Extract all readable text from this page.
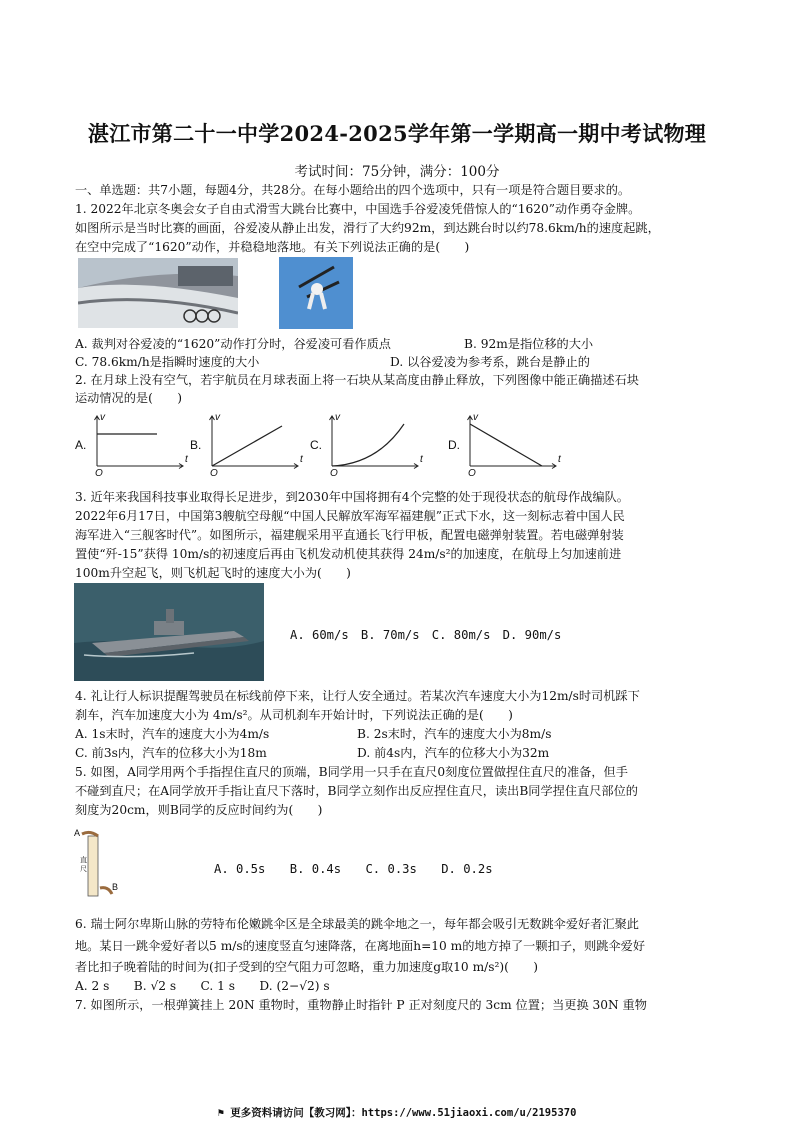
湛江市第二十一中学2024-2025学年第一学期高一期中考试物理
考试时间：75分钟，满分：100分
一、单选题：共7小题，每题4分，共28分。在每小题给出的四个选项中，只有一项是符合题目要求的。
1. 2022年北京冬奥会女子自由式滑雪大跳台比赛中，中国选手谷爱凌凭借惊人的“1620”动作勇夺金牌。
如图所示是当时比赛的画面，谷爱凌从静止出发，滑行了大约92m，到达跳台时以约78.6km/h的速度起跳，
在空中完成了“1620”动作，并稳稳地落地。有关下列说法正确的是(　　)
A. 裁判对谷爱凌的“1620”动作打分时，谷爱凌可看作质点	B. 92m是指位移的大小
C. 78.6km/h是指瞬时速度的大小	D. 以谷爱凌为参考系，跳台是静止的
2. 在月球上没有空气，若宇航员在月球表面上将一石块从某高度由静止释放，下列图像中能正确描述石块
运动情况的是(　　)
A.
v
t
O
B.
v
t
O
C.
v
t
O
D.
v
t
O
3. 近年来我国科技事业取得长足进步，到2030年中国将拥有4个完整的处于现役状态的航母作战编队。
2022年6月17日，中国第3艘航空母舰“中国人民解放军海军福建舰”正式下水，这一刻标志着中国人民
海军进入“三舰客时代”。如图所示，福建舰采用平直通长飞行甲板，配置电磁弹射装置。若电磁弹射装
置使“歼-15”获得 10m/s的初速度后再由飞机发动机使其获得 24m/s²的加速度，在航母上匀加速前进
100m升空起飞，则飞机起飞时的速度大小为(　　)
A. 60m/s　B. 70m/s　C. 80m/s　D. 90m/s
4. 礼让行人标识提醒驾驶员在标线前停下来，让行人安全通过。若某次汽车速度大小为12m/s时司机踩下
刹车，汽车加速度大小为 4m/s²。从司机刹车开始计时，下列说法正确的是(　　)
A. 1s末时，汽车的速度大小为4m/s	B. 2s末时，汽车的速度大小为8m/s
C. 前3s内，汽车的位移大小为18m	D. 前4s内，汽车的位移大小为32m
5. 如图，A同学用两个手指捏住直尺的顶端，B同学用一只手在直尺0刻度位置做捏住直尺的准备，但手
不碰到直尺；在A同学放开手指让直尺下落时，B同学立刻作出反应捏住直尺，读出B同学捏住直尺部位的
刻度为20cm，则B同学的反应时间约为(　　)
A
B
直尺	A. 0.5s　　B. 0.4s　　C. 0.3s　　D. 0.2s
6. 瑞士阿尔卑斯山脉的劳特布伦嫩跳伞区是全球最美的跳伞地之一，每年都会吸引无数跳伞爱好者汇聚此
地。某日一跳伞爱好者以5 m/s的速度竖直匀速降落，在离地面h=10 m的地方掉了一颗扣子，则跳伞爱好
者比扣子晚着陆的时间为(扣子受到的空气阻力可忽略，重力加速度g取10 m/s²)(　　)
A. 2 s　　B. √2 s　　C. 1 s　　D. (2−√2) s
7. 如图所示，一根弹簧挂上 20N 重物时，重物静止时指针 P 正对刻度尺的 3cm 位置；当更换 30N 重物
⚑ 更多资料请访问【教习网】：https://www.51jiaoxi.com/u/2195370
